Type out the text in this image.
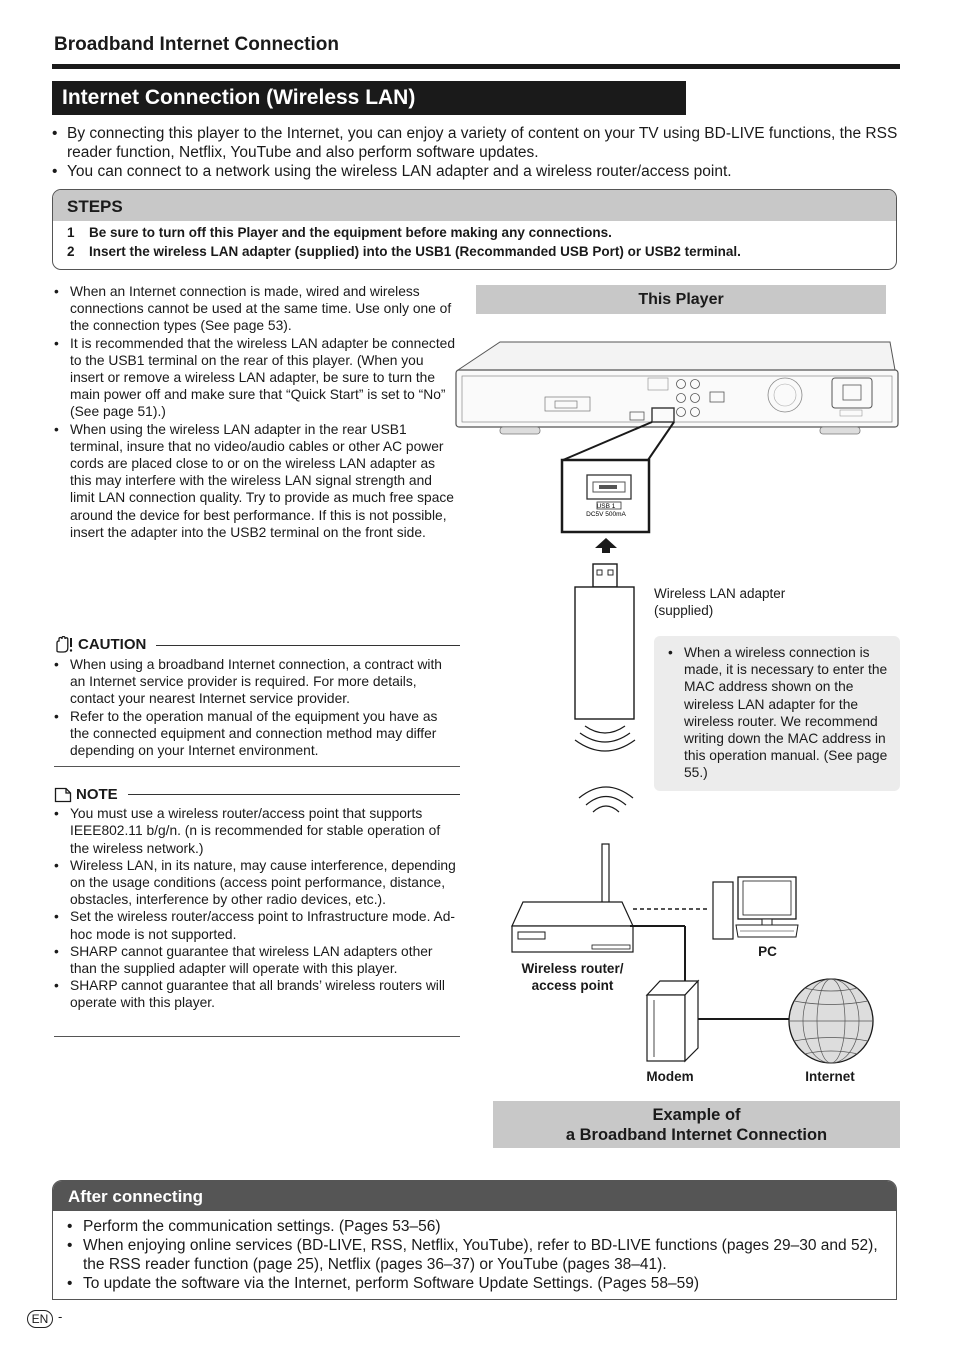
Broadband Internet Connection
Internet Connection (Wireless LAN)
• By connecting this player to the Internet, you can enjoy a variety of content on your TV using BD-LIVE functions, the RSS reader function, Netflix, YouTube and also perform software updates.
• You can connect to a network using the wireless LAN adapter and a wireless router/access point.
STEPS
1	Be sure to turn off this Player and the equipment before making any connections.
2	Insert the wireless LAN adapter (supplied) into the USB1 (Recommanded USB Port) or USB2 terminal.
• When an Internet connection is made, wired and wireless connections cannot be used at the same time. Use only one of the connection types (See page 53).
• It is recommended that the wireless LAN adapter be connected to the USB1 terminal on the rear of this player. (When you insert or remove a wireless LAN adapter, be sure to turn the main power off and make sure that “Quick Start” is set to “No” (See page 51).)
• When using the wireless LAN adapter in the rear USB1 terminal, insure that no video/audio cables or other AC power cords are placed close to or on the wireless LAN adapter as this may interfere with the wireless LAN signal strength and limit LAN connection quality. Try to provide as much free space around the device for best performance. If this is not possible, insert the adapter into the USB2 terminal on the front side.
CAUTION
• When using a broadband Internet connection, a contract with an Internet service provider is required. For more details, contact your nearest Internet service provider.
• Refer to the operation manual of the equipment you have as the connected equipment and connection method may differ depending on your Internet environment.
NOTE
• You must use a wireless router/access point that supports IEEE802.11 b/g/n. (n is recommended for stable operation of the wireless network.)
• Wireless LAN, in its nature, may cause interference, depending on the usage conditions (access point performance, distance, obstacles, interference by other radio devices, etc.).
• Set the wireless router/access point to Infrastructure mode. Ad-hoc mode is not supported.
• SHARP cannot guarantee that wireless LAN adapters other than the supplied adapter will operate with this player.
• SHARP cannot guarantee that all brands’ wireless routers will operate with this player.
This Player
USB 1
DC5V 500mA
Wireless LAN adapter (supplied)
• When a wireless connection is made, it is necessary to enter the MAC address shown on the wireless LAN adapter for the wireless router. We recommend writing down the MAC address in this operation manual. (See page 55.)
Wireless router/ access point
PC
Modem	Internet
Example of
a Broadband Internet Connection
After connecting
• Perform the communication settings. (Pages 53–56)
• When enjoying online services (BD-LIVE, RSS, Netflix, YouTube), refer to BD-LIVE functions (pages 29–30 and 52), the RSS reader function (page 25), Netflix (pages 36–37) or YouTube (pages 38–41).
• To update the software via the Internet, perform Software Update Settings. (Pages 58–59)
EN -
